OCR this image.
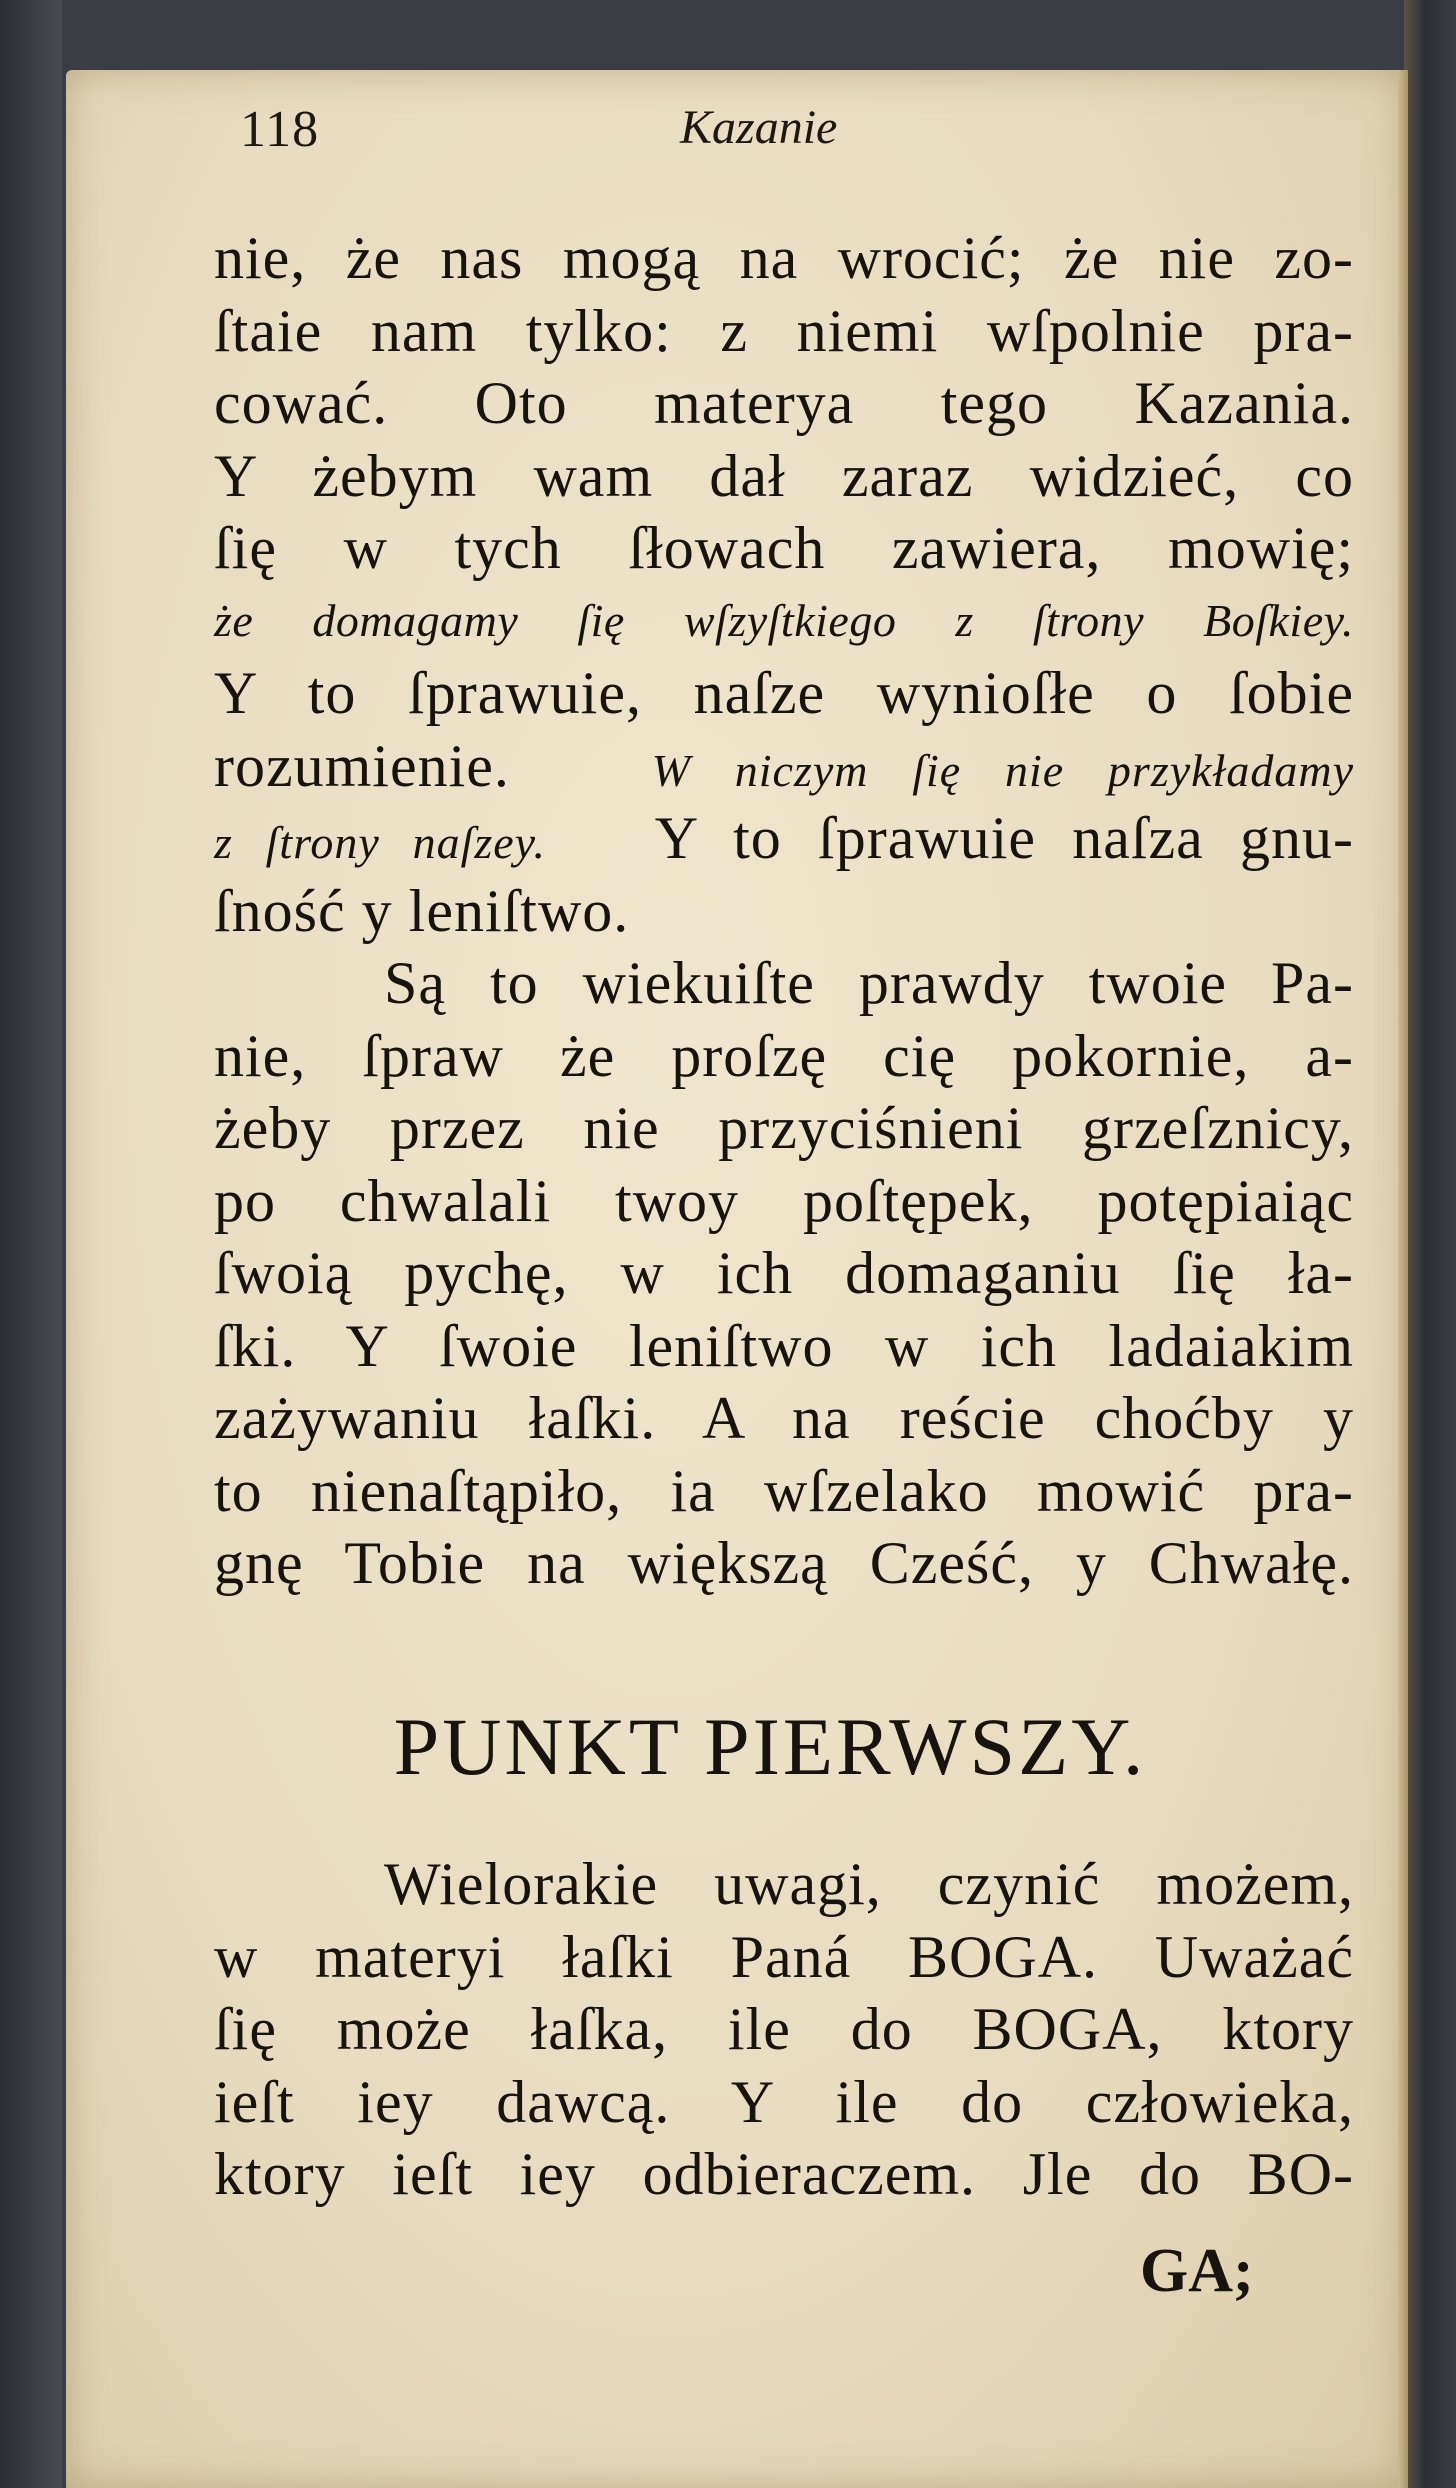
118	Kazanie
nie, że nas mogą na wrocić; że nie zo-
ſtaie nam tylko: z niemi wſpolnie pra-
cować. Oto materya tego Kazania.
Y żebym wam dał zaraz widzieć, co
ſię w tych ſłowach zawiera, mowię;
że domagamy ſię wſzyſtkiego z ſtrony Boſkiey.
Y to ſprawuie, naſze wynioſłe o ſobie
rozumienie.	W niczym ſię nie przykładamy
z ſtrony naſzey. Y to ſprawuie naſza gnu-
ſność y leniſtwo.
Są to wiekuiſte prawdy twoie Pa-
nie, ſpraw że proſzę cię pokornie, a-
żeby przez nie przyciśnieni grzeſznicy,
po chwalali twoy poſtępek, potępiaiąc
ſwoią pychę, w ich domaganiu ſię ła-
ſki. Y ſwoie leniſtwo w ich ladaiakim
zażywaniu łaſki. A na reście choćby y
to nienaſtąpiło, ia wſzelako mowić pra-
gnę Tobie na większą Cześć, y Chwałę.
PUNKT PIERWSZY.
Wielorakie uwagi, czynić możem,
w materyi łaſki Paná BOGA. Uważać
ſię może łaſka, ile do BOGA, ktory
ieſt iey dawcą. Y ile do człowieka,
ktory ieſt iey odbieraczem. Jle do BO-
GA;
